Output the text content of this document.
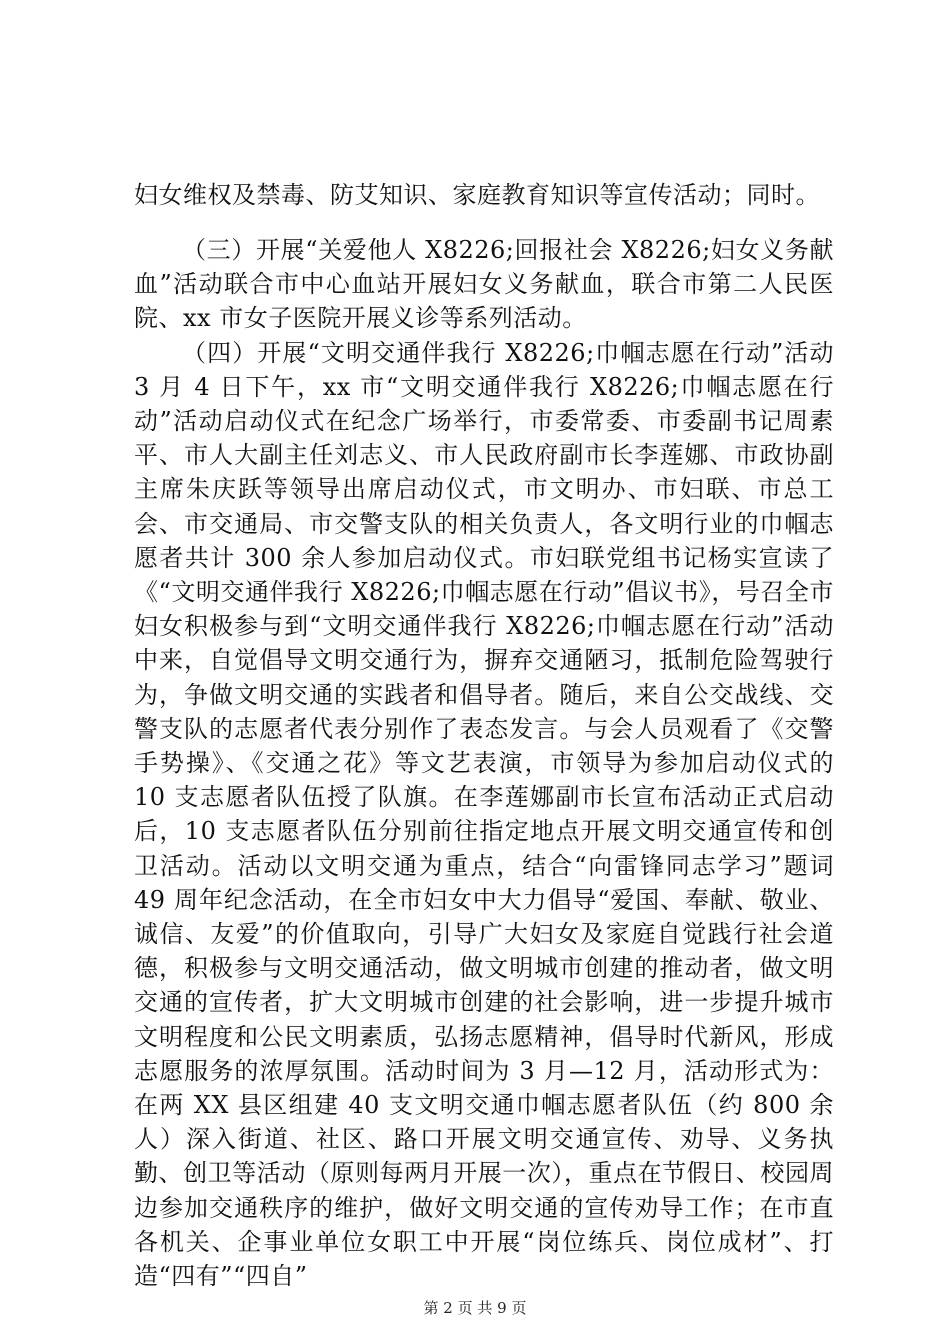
妇女维权及禁毒、防艾知识、家庭教育知识等宣传活动；同时。

（三）开展“关爱他人 X8226;回报社会 X8226;妇女义务献血”活动联合市中心血站开展妇女义务献血，联合市第二人民医院、xx 市女子医院开展义诊等系列活动。

（四）开展“文明交通伴我行 X8226;巾帼志愿在行动”活动 3 月 4 日下午，xx 市“文明交通伴我行 X8226;巾帼志愿在行动”活动启动仪式在纪念广场举行，市委常委、市委副书记周素平、市人大副主任刘志义、市人民政府副市长李莲娜、市政协副主席朱庆跃等领导出席启动仪式，市文明办、市妇联、市总工会、市交通局、市交警支队的相关负责人，各文明行业的巾帼志愿者共计 300 余人参加启动仪式。市妇联党组书记杨实宣读了《“文明交通伴我行 X8226;巾帼志愿在行动”倡议书》，号召全市妇女积极参与到“文明交通伴我行 X8226;巾帼志愿在行动”活动中来，自觉倡导文明交通行为，摒弃交通陋习，抵制危险驾驶行为，争做文明交通的实践者和倡导者。随后，来自公交战线、交警支队的志愿者代表分别作了表态发言。与会人员观看了《交警手势操》、《交通之花》等文艺表演，市领导为参加启动仪式的 10 支志愿者队伍授了队旗。在李莲娜副市长宣布活动正式启动后，10 支志愿者队伍分别前往指定地点开展文明交通宣传和创卫活动。活动以文明交通为重点，结合“向雷锋同志学习”题词 49 周年纪念活动，在全市妇女中大力倡导“爱国、奉献、敬业、诚信、友爱”的价值取向，引导广大妇女及家庭自觉践行社会道德，积极参与文明交通活动，做文明城市创建的推动者，做文明交通的宣传者，扩大文明城市创建的社会影响，进一步提升城市文明程度和公民文明素质，弘扬志愿精神，倡导时代新风，形成志愿服务的浓厚氛围。活动时间为 3 月—12 月，活动形式为：在两 XX 县区组建 40 支文明交通巾帼志愿者队伍（约 800 余人）深入街道、社区、路口开展文明交通宣传、劝导、义务执勤、创卫等活动（原则每两月开展一次），重点在节假日、校园周边参加交通秩序的维护，做好文明交通的宣传劝导工作；在市直各机关、企事业单位女职工中开展“岗位练兵、岗位成材”、打造“四有”“四自”

第 2 页 共 9 页
